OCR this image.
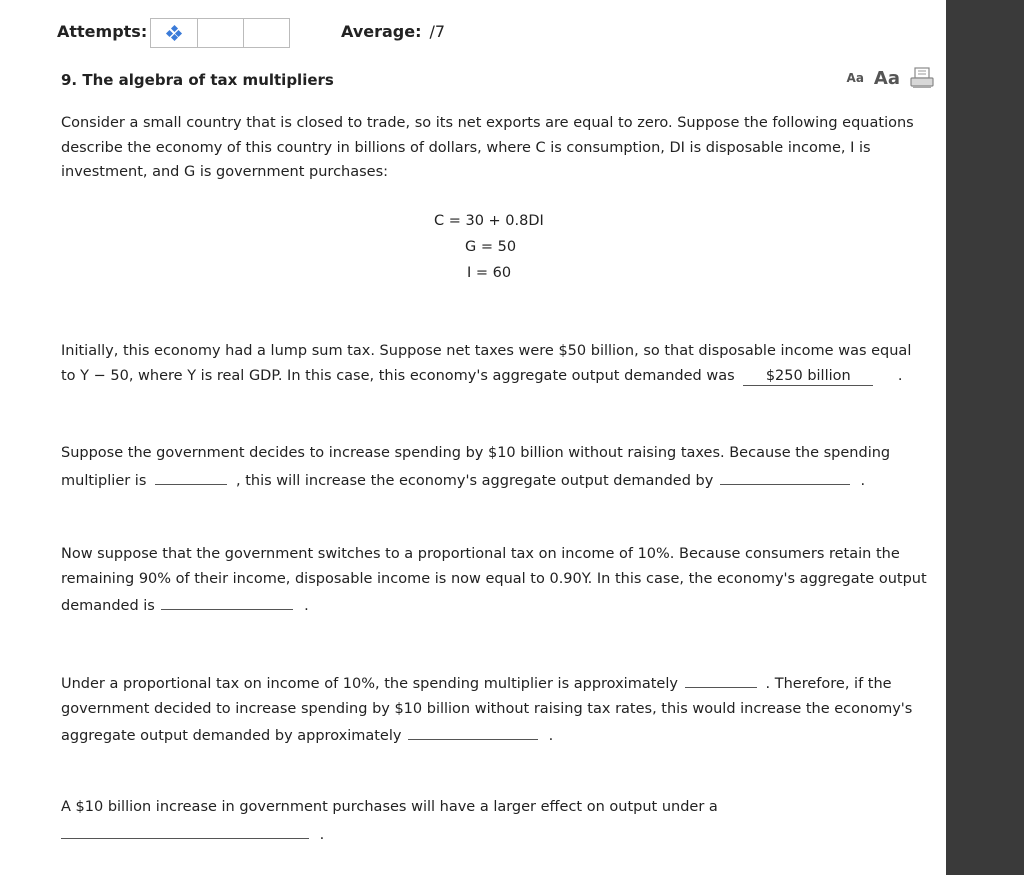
Attempts:	Average: /7
9. The algebra of tax multipliers	Aa Aa
Consider a small country that is closed to trade, so its net exports are equal to zero. Suppose the following equations describe the economy of this country in billions of dollars, where C is consumption, DI is disposable income, I is investment, and G is government purchases:
C = 30 + 0.8DI
G = 50
I = 60
Initially, this economy had a lump sum tax. Suppose net taxes were $50 billion, so that disposable income was equal to Y − 50, where Y is real GDP. In this case, this economy's aggregate output demanded was $250 billion	.
Suppose the government decides to increase spending by $10 billion without raising taxes. Because the spending multiplier is	, this will increase the economy's aggregate output demanded by	.
Now suppose that the government switches to a proportional tax on income of 10%. Because consumers retain the remaining 90% of their income, disposable income is now equal to 0.90Y. In this case, the economy's aggregate output demanded is	.
Under a proportional tax on income of 10%, the spending multiplier is approximately	. Therefore, if the government decided to increase spending by $10 billion without raising tax rates, this would increase the economy's aggregate output demanded by approximately	.
A $10 billion increase in government purchases will have a larger effect on output under a
.
